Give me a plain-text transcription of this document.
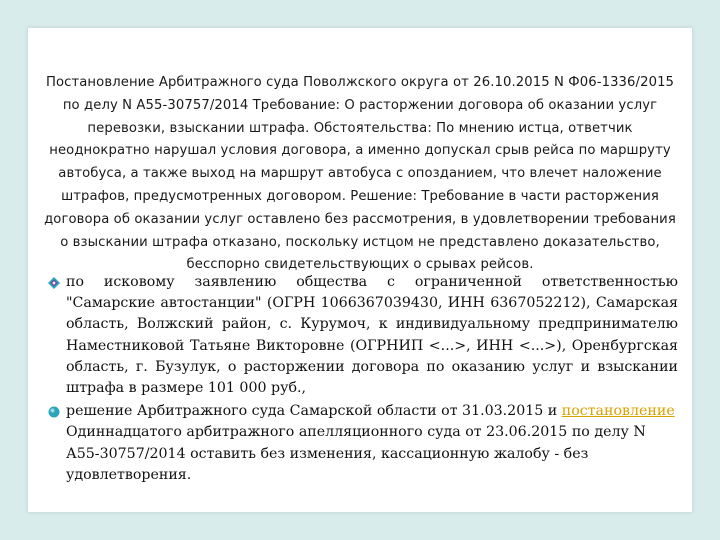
Постановление Арбитражного суда Поволжского округа от 26.10.2015 N Ф06-1336/2015 по делу N А55-30757/2014 Требование: О расторжении договора об оказании услуг перевозки, взыскании штрафа. Обстоятельства: По мнению истца, ответчик неоднократно нарушал условия договора, а именно допускал срыв рейса по маршруту автобуса, а также выход на маршрут автобуса с опозданием, что влечет наложение штрафов, предусмотренных договором. Решение: Требование в части расторжения договора об оказании услуг оставлено без рассмотрения, в удовлетворении требования о взыскании штрафа отказано, поскольку истцом не представлено доказательство, бесспорно свидетельствующих о срывах рейсов.
по исковому заявлению общества с ограниченной ответственностью "Самарские автостанции" (ОГРН 1066367039430, ИНН 6367052212), Самарская область, Волжский район, с. Курумоч, к индивидуальному предпринимателю Наместниковой Татьяне Викторовне (ОГРНИП <...>, ИНН <...>), Оренбургская область, г. Бузулук, о расторжении договора по оказанию услуг и взыскании штрафа в размере 101 000 руб.,
решение Арбитражного суда Самарской области от 31.03.2015 и постановление Одиннадцатого арбитражного апелляционного суда от 23.06.2015 по делу N А55-30757/2014 оставить без изменения, кассационную жалобу - без удовлетворения.
